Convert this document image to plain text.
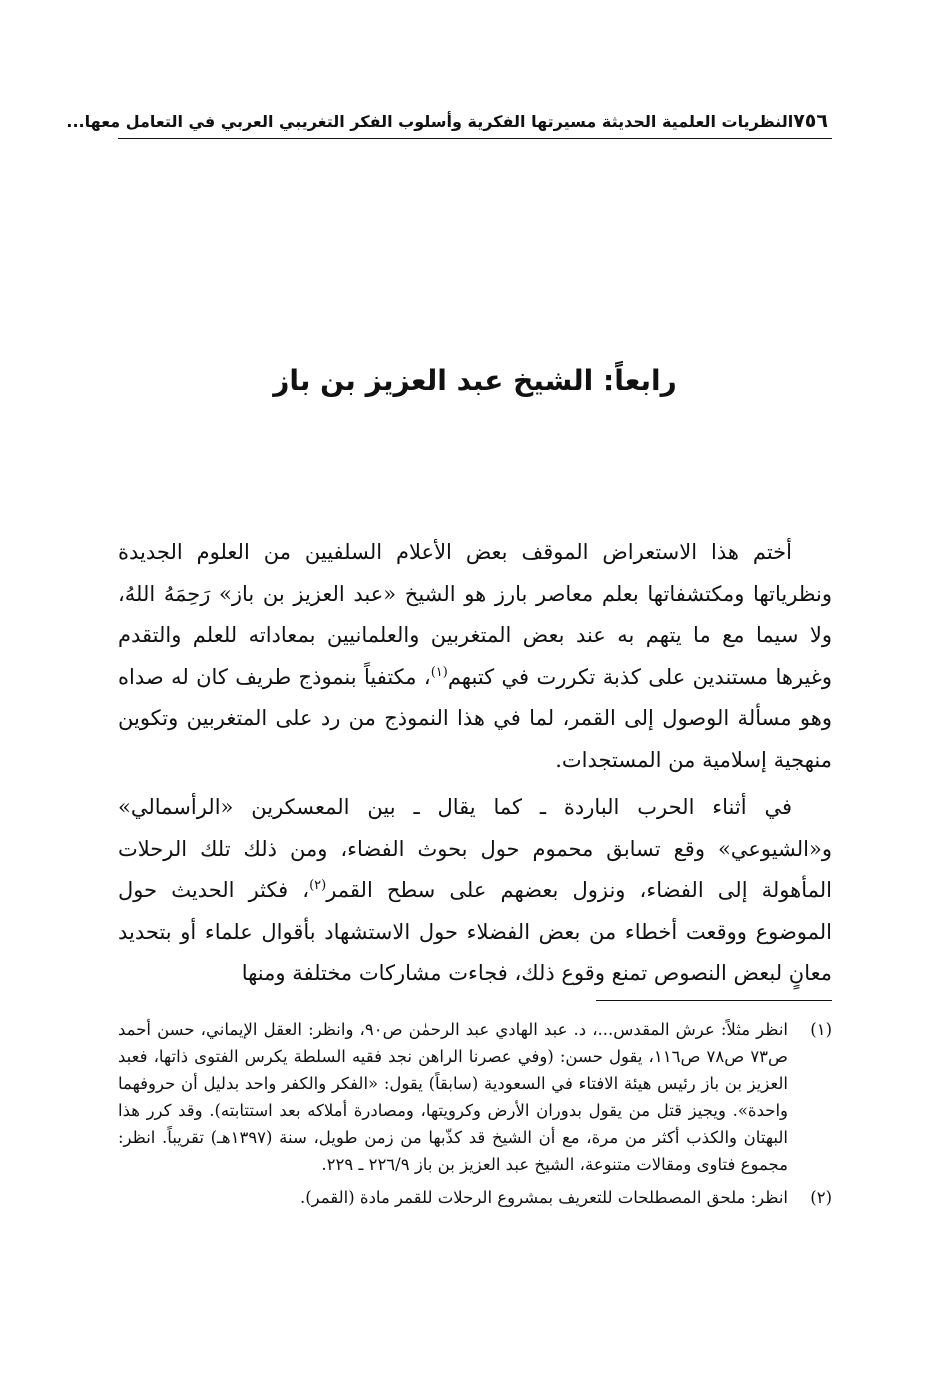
٧٥٦
النظريات العلمية الحديثة مسيرتها الفكرية وأسلوب الفكر التغريبي العربي في التعامل معها...
رابعاً: الشيخ عبد العزيز بن باز

أختم هذا الاستعراض الموقف بعض الأعلام السلفيين من العلوم الجديدة ونظرياتها ومكتشفاتها بعلم معاصر بارز هو الشيخ «عبد العزيز بن باز» رَحِمَهُ اللهُ، ولا سيما مع ما يتهم به عند بعض المتغربين والعلمانيين بمعاداته للعلم والتقدم وغيرها مستندين على كذبة تكررت في كتبهم$^{(١)}$، مكتفياً بنموذج طريف كان له صداه وهو مسألة الوصول إلى القمر، لما في هذا النموذج من رد على المتغربين وتكوين منهجية إسلامية من المستجدات.

في أثناء الحرب الباردة ـ كما يقال ـ بين المعسكرين «الرأسمالي» و«الشيوعي» وقع تسابق محموم حول بحوث الفضاء، ومن ذلك تلك الرحلات المأهولة إلى الفضاء، ونزول بعضهم على سطح القمر$^{(٢)}$، فكثر الحديث حول الموضوع ووقعت أخطاء من بعض الفضلاء حول الاستشهاد بأقوال علماء أو بتحديد معانٍ لبعض النصوص تمنع وقوع ذلك، فجاءت مشاركات مختلفة ومنها

(١)
انظر مثلاً: عرش المقدس...، د. عبد الهادي عبد الرحمٰن ص٩٠، وانظر: العقل الإيماني، حسن أحمد ص٧٣ ص٧٨ ص١١٦، يقول حسن: (وفي عصرنا الراهن نجد فقيه السلطة يكرس الفتوى ذاتها، فعبد العزيز بن باز رئيس هيئة الافتاء في السعودية (سابقاً) يقول: «الفكر والكفر واحد بدليل أن حروفهما واحدة». ويجيز قتل من يقول بدوران الأرض وكرويتها، ومصادرة أملاكه بعد استتابته). وقد كرر هذا البهتان والكذب أكثر من مرة، مع أن الشيخ قد كذّبها من زمن طويل، سنة (١٣٩٧هـ) تقريباً. انظر: مجموع فتاوى ومقالات متنوعة، الشيخ عبد العزيز بن باز ٢٢٦/٩ ـ ٢٢٩.
(٢)
انظر: ملحق المصطلحات للتعريف بمشروع الرحلات للقمر مادة (القمر).
